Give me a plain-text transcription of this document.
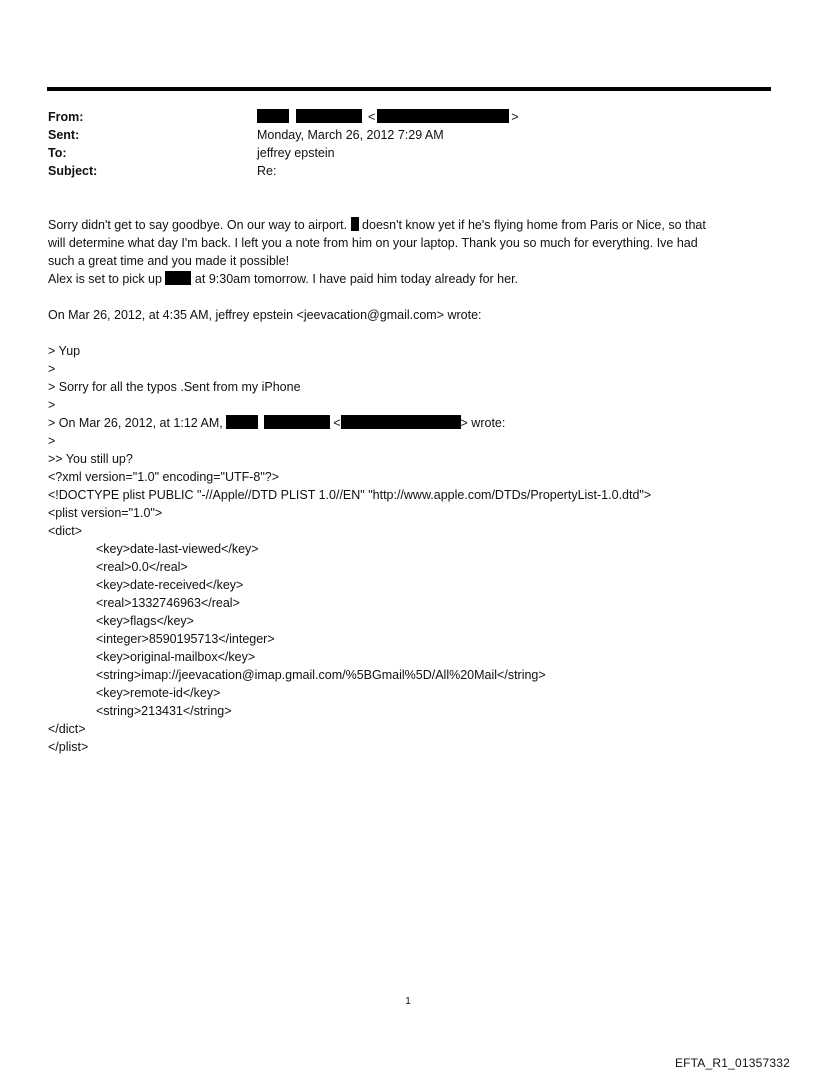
From:	<	>
Sent:	Monday, March 26, 2012 7:29 AM
To:	jeffrey epstein
Subject:	Re:

Sorry didn't get to say goodbye. On our way to airport. doesn't know yet if he's flying home from Paris or Nice, so that

will determine what day I'm back. I left you a note from him on your laptop. Thank you so much for everything. Ive had

such a great time and you made it possible!

Alex is set to pick up	at 9:30am tomorrow. I have paid him today already for her.

On Mar 26, 2012, at 4:35 AM, jeffrey epstein <jeevacation@gmail.com> wrote:

> Yup

>

> Sorry for all the typos .Sent from my iPhone

>

> On Mar 26, 2012, at 1:12 AM,	<	> wrote:

>

>> You still up?

<?xml version="1.0" encoding="UTF-8"?>

<!DOCTYPE plist PUBLIC "-//Apple//DTD PLIST 1.0//EN" "http://www.apple.com/DTDs/PropertyList-1.0.dtd">

<plist version="1.0">

<dict>

<key>date-last-viewed</key>

<real>0.0</real>

<key>date-received</key>

<real>1332746963</real>

<key>flags</key>

<integer>8590195713</integer>

<key>original-mailbox</key>

<string>imap://jeevacation@imap.gmail.com/%5BGmail%5D/All%20Mail</string>

<key>remote-id</key>

<string>213431</string>

</dict>

</plist>

1
EFTA_R1_01357332
